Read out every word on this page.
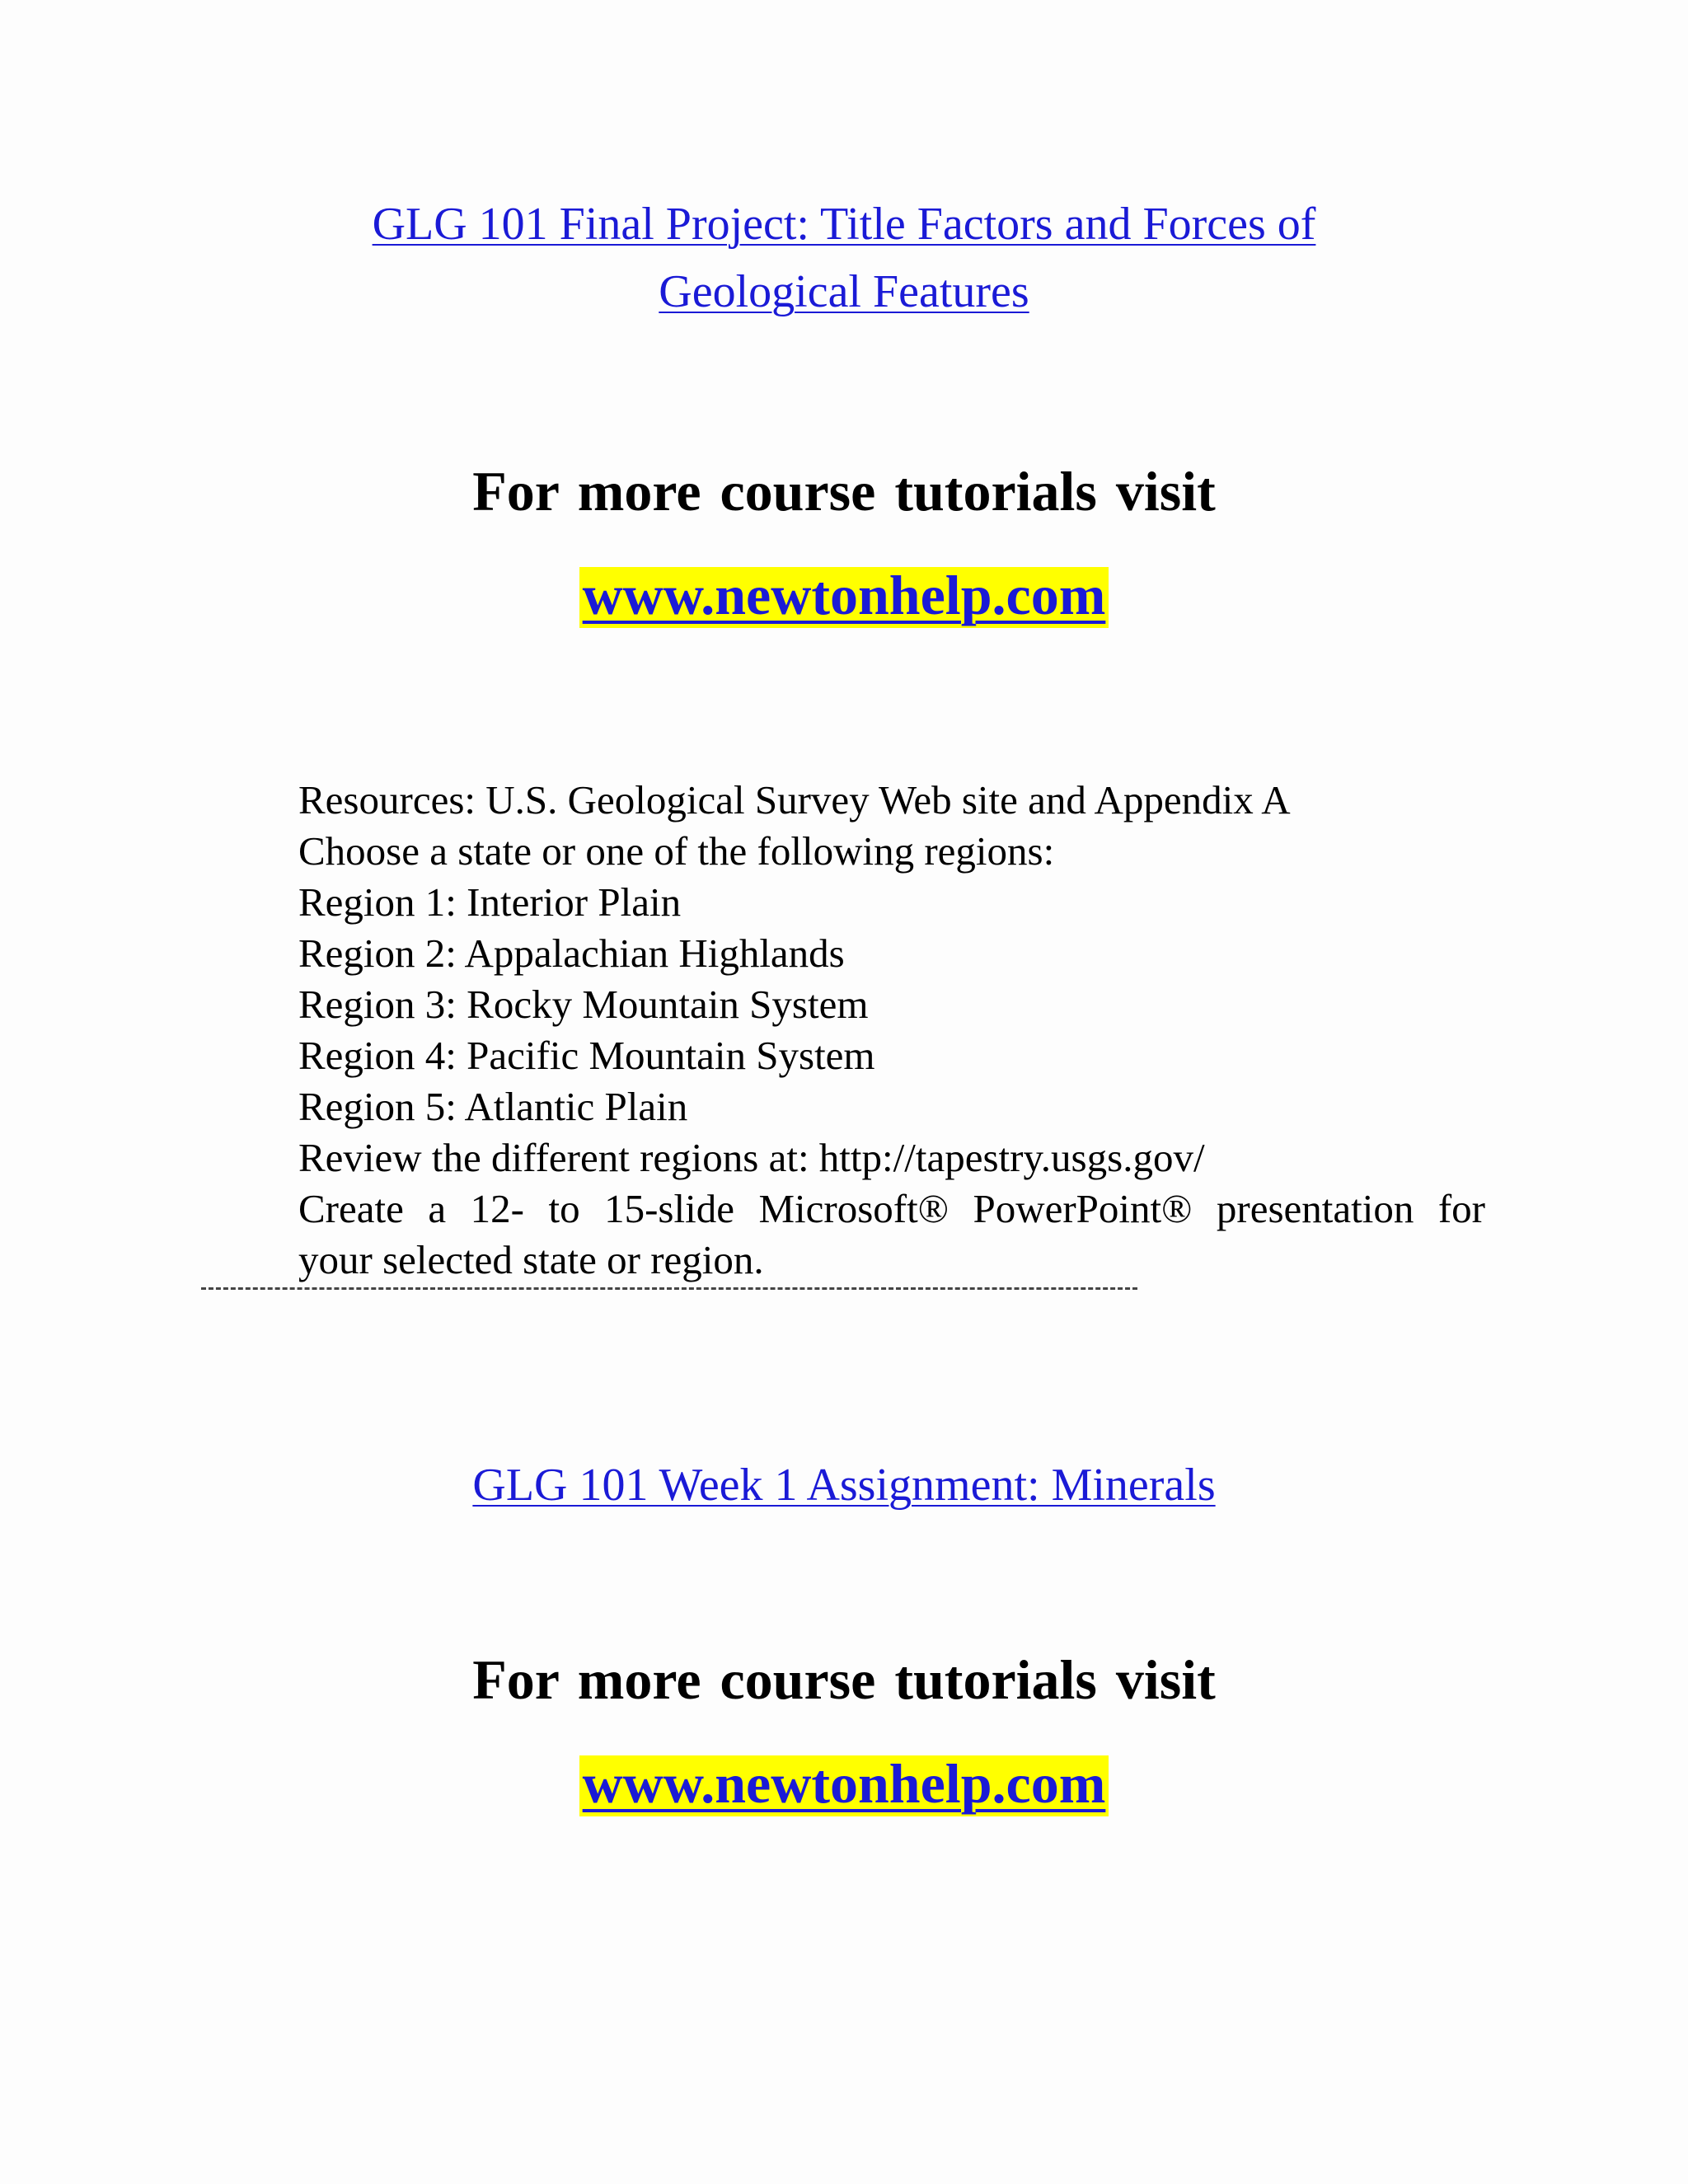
GLG 101 Final Project: Title Factors and Forces of
Geological Features
For more course tutorials visit
www.newtonhelp.com
Resources: U.S. Geological Survey Web site and Appendix A
Choose a state or one of the following regions:
Region 1: Interior Plain
Region 2: Appalachian Highlands
Region 3: Rocky Mountain System
Region 4: Pacific Mountain System
Region 5: Atlantic Plain
Review the different regions at: http://tapestry.usgs.gov/
Create a 12- to 15-slide Microsoft® PowerPoint® presentation for
your selected state or region.
GLG 101 Week 1 Assignment: Minerals
For more course tutorials visit
www.newtonhelp.com
